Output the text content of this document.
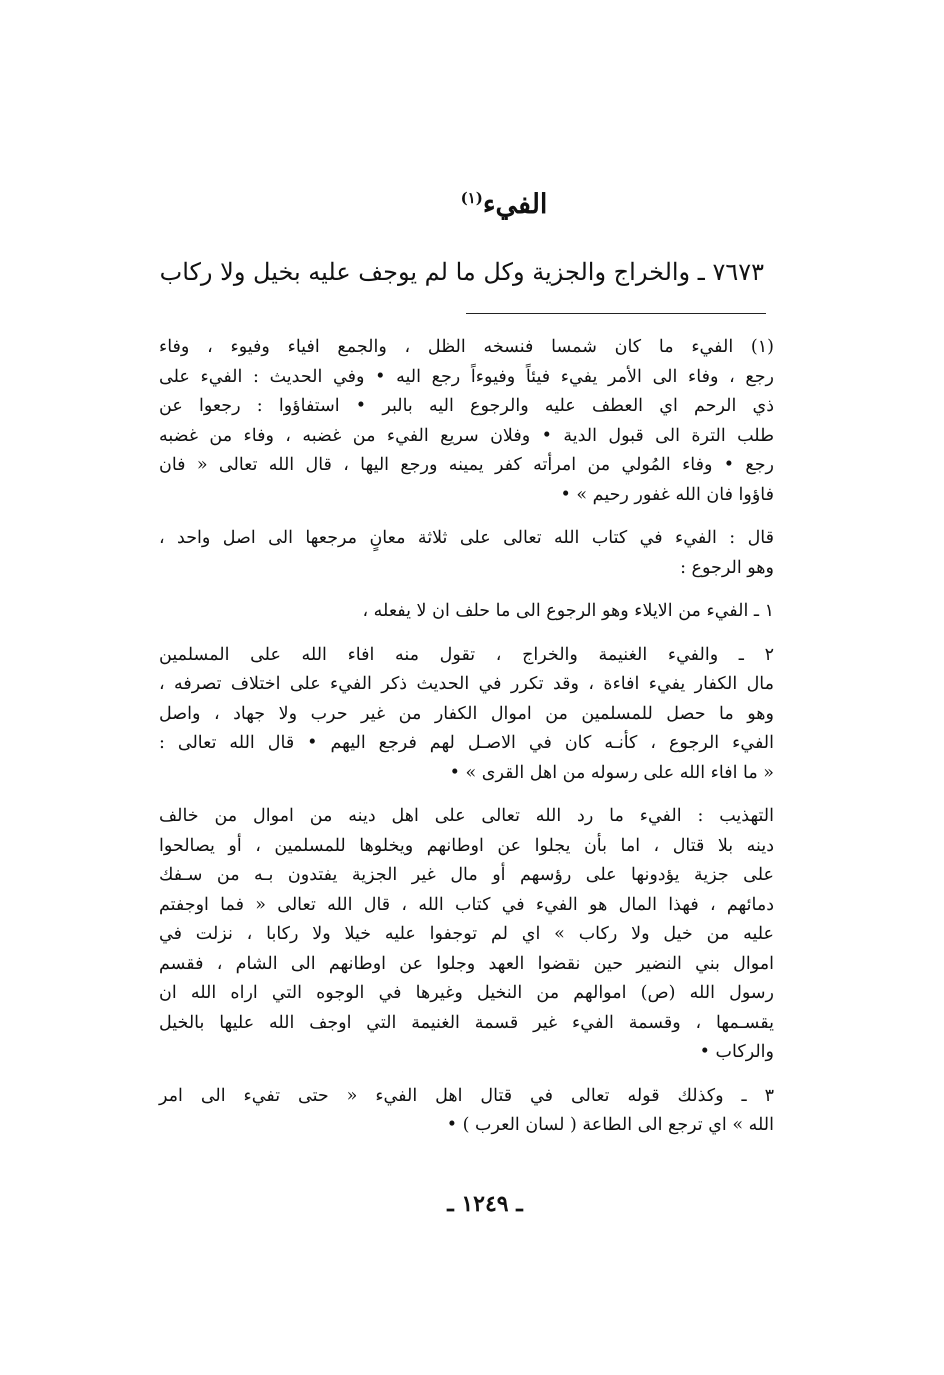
الفيء$^{(١)}$
٧٦٧٣ ـ والخراج والجزية وكل ما لم يوجف عليه بخيل ولا ركاب
(١) الفيء ما كان شمسا فنسخه الظل ، والجمع افياء وفيوء ، وفاء
رجع ، وفاء الى الأمر يفيء فيئاً وفيوءاً رجع اليه • وفي الحديث : الفيء على
ذي الرحم اي العطف عليه والرجوع اليه بالبر • استفاؤوا : رجعوا عن
طلب الترة الى قبول الدية • وفلان سريع الفيء من غضبه ، وفاء من غضبه
رجع • وفاء المُولي من امرأته كفر يمينه ورجع اليها ، قال الله تعالى « فان
فاؤوا فان الله غفور رحيم » •
قال : الفيء في كتاب الله تعالى على ثلاثة معانٍ مرجعها الى اصل واحد ،
وهو الرجوع :
١ ـ الفيء من الايلاء وهو الرجوع الى ما حلف ان لا يفعله ،
٢ ـ والفيء الغنيمة والخراج ، تقول منه افاء الله على المسلمين
مال الكفار يفيء افاءة ، وقد تكرر في الحديث ذكر الفيء على اختلاف تصرفه ،
وهو ما حصل للمسلمين من اموال الكفار من غير حرب ولا جهاد ، واصل
الفيء الرجوع ، كأنـه كان في الاصـل لهم فرجع اليهم • قال الله تعالى :
« ما افاء الله على رسوله من اهل القرى » •
التهذيب : الفيء ما رد الله تعالى على اهل دينه من اموال من خالف
دينه بلا قتال ، اما بأن يجلوا عن اوطانهم ويخلوها للمسلمين ، أو يصالحوا
على جزية يؤدونها على رؤسهم أو مال غير الجزية يفتدون بـه من سـفك
دمائهم ، فهذا المال هو الفيء في كتاب الله ، قال الله تعالى « فما اوجفتم
عليه من خيل ولا ركاب » اي لم توجفوا عليه خيلا ولا ركابا ، نزلت في
اموال بني النضير حين نقضوا العهد وجلوا عن اوطانهم الى الشام ، فقسم
رسول الله (ص) اموالهم من النخيل وغيرها في الوجوه التي اراه الله ان
يقسـمها ، وقسمة الفيء غير قسمة الغنيمة التي اوجف الله عليها بالخيل
والركاب •
٣ ـ وكذلك قوله تعالى في قتال اهل الفيء « حتى تفيء الى امر
الله » اي ترجع الى الطاعة ( لسان العرب ) •
ـ ١٢٤٩ ـ
